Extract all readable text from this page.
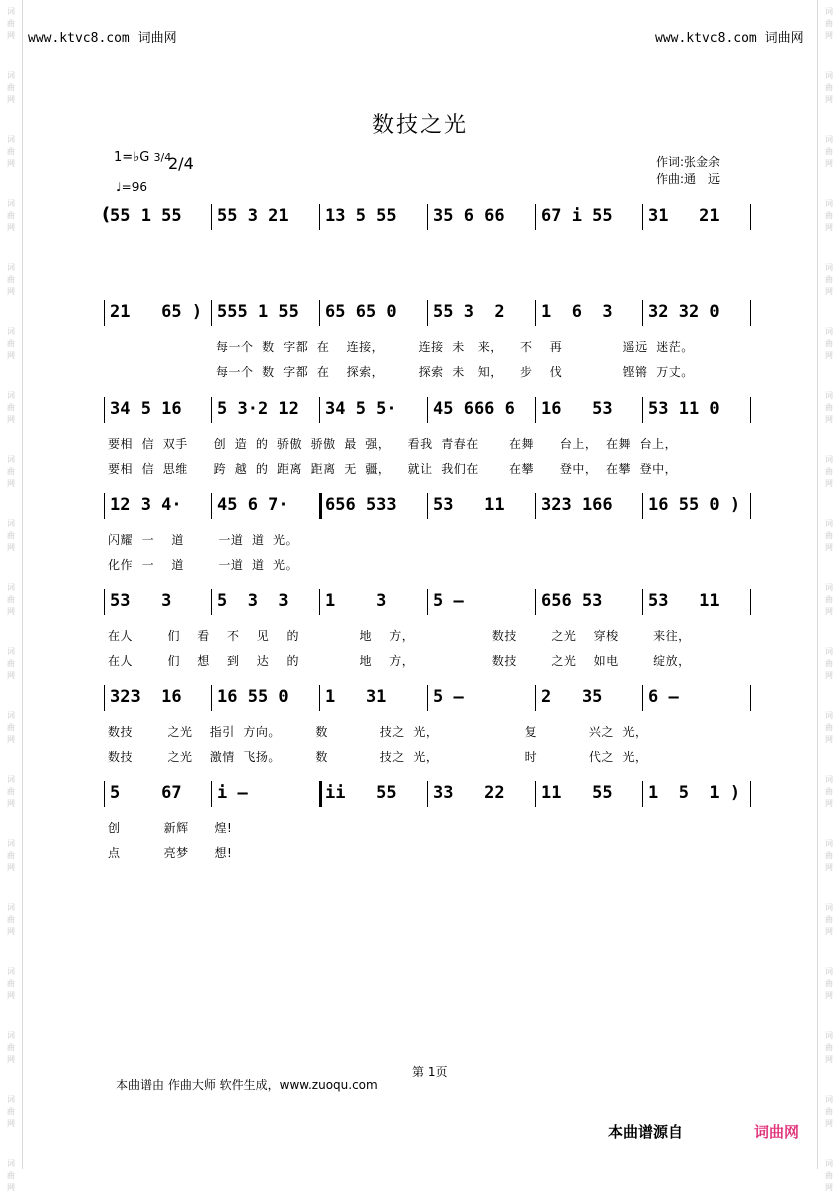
词
曲
网
词
曲
网
词
曲
网
词
曲
网
词
曲
网
词
曲
网
词
曲
网
词
曲
网
词
曲
网
词
曲
网
词
曲
网
词
曲
网
词
曲
网
词
曲
网
词
曲
网
词
曲
网
词
曲
网
词
曲
网
词
曲
网
词
曲
网
词
曲
网
词
曲
网
词
曲
网
词
曲
网
词
曲
网
词
曲
网
词
曲
网
词
曲
网
词
曲
网
词
曲
网
词
曲
网
词
曲
网
词
曲
网
词
曲
网
词
曲
网
词
曲
网
词
曲
网
词
曲
网
www.ktvc8.com 词曲网	www.ktvc8.com 词曲网
数技之光
1=♭G 3/4
2/4
♩=96
作词:张金余
作曲:通　远
( 55 1 55 55 3 21 13 5 55 35 6 66 67 i 55 31   21
21   65 ) 555 1 55 65 65 0 55 3  2 1  6  3 32 32 0
每一个  数  字都  在    连接，        连接  未   来，    不    再              遥远  迷茫。
每一个  数  字都  在    探索，        探索  未   知，    步    伐              铿锵  万丈。
34 5 16 5 3·2 12 34 5 5· 45 666 6 16   53 53 11 0
要相  信  双手      创  造  的  骄傲  骄傲  最  强，    看我  青春在       在舞      台上，  在舞  台上，
要相  信  思维      跨  越  的  距离  距离  无  疆，    就让  我们在       在攀      登中，  在攀  登中，
12 3 4· 45 6 7· 656 533 53   11 323 166 16 55 0 )
闪耀  一    道        一道  道  光。
化作  一    道        一道  道  光。
53   3	5  3  3 1    3	5 —	656 53	53   11
在人        们    看    不    见    的              地    方，                  数技        之光    穿梭        来往，
在人        们    想    到    达    的              地    方，                  数技        之光    如电        绽放，
323  16 16 55 0 1   31	5 —	2   35	6 —
数技        之光    指引  方向。        数            技之  光，                    复            兴之  光，
数技        之光    激情  飞扬。        数            技之  光，                    时            代之  光，
5    67 i —	ii   55 33   22 11   55 1  5  1 )
创          新辉      煌!
点          亮梦      想!
第 1页
本曲谱由 作曲大师 软件生成，www.zuoqu.com
本曲谱源自	词曲网
